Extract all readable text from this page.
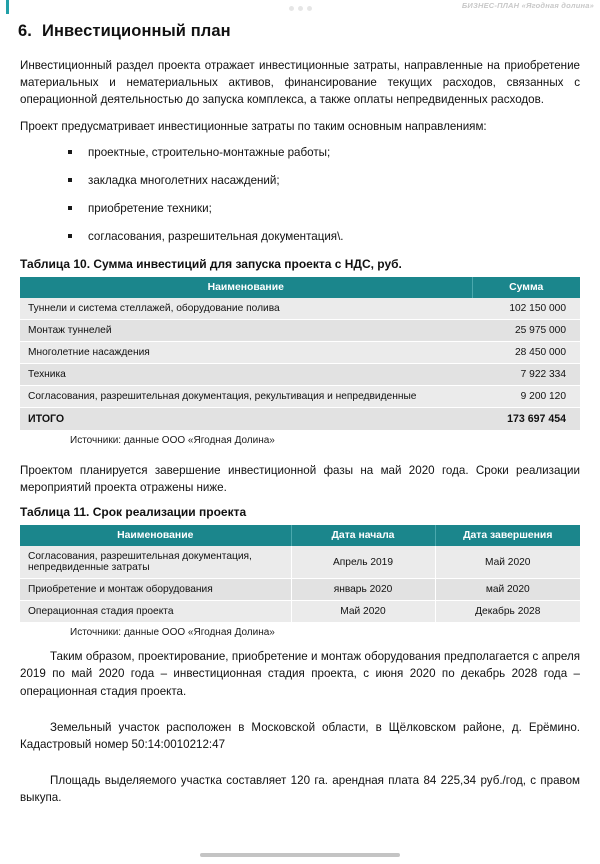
БИЗНЕС-ПЛАН «Ягодная долина»
6. Инвестиционный план

Инвестиционный раздел проекта отражает инвестиционные затраты, направленные на приобретение материальных и нематериальных активов, финансирование текущих расходов, связанных с операционной деятельностью до запуска комплекса, а также оплаты непредвиденных расходов.

Проект предусматривает инвестиционные затраты по таким основным направлениям:

проектные, строительно-монтажные работы;
закладка многолетних насаждений;
приобретение техники;
согласования, разрешительная документация\.
Таблица 10. Сумма инвестиций для запуска проекта с НДС, руб.
Наименование	Сумма
Туннели и система стеллажей, оборудование полива	102 150 000
Монтаж туннелей	25 975 000
Многолетние насаждения	28 450 000
Техника	7 922 334
Согласования, разрешительная документация, рекультивация и непредвиденные	9 200 120
ИТОГО	173 697 454

Источники: данные ООО «Ягодная Долина»

Проектом планируется завершение инвестиционной фазы на май 2020 года. Сроки реализации мероприятий проекта отражены ниже.

Таблица 11. Срок реализации проекта
Наименование	Дата начала	Дата завершения
Согласования, разрешительная документация, непредвиденные затраты	Апрель 2019	Май 2020
Приобретение и монтаж оборудования	январь 2020	май 2020
Операционная стадия проекта	Май 2020	Декабрь 2028

Источники: данные ООО «Ягодная Долина»

Таким образом, проектирование, приобретение и монтаж оборудования предполагается с апреля 2019 по май 2020 года – инвестиционная стадия проекта, с июня 2020 по декабрь 2028 года – операционная стадия проекта.

Земельный участок расположен в Московской области, в Щёлковском районе, д. Ерёмино. Кадастровый номер 50:14:0010212:47

Площадь выделяемого участка составляет 120 га. арендная плата 84 225,34 руб./год, с правом выкупа.
